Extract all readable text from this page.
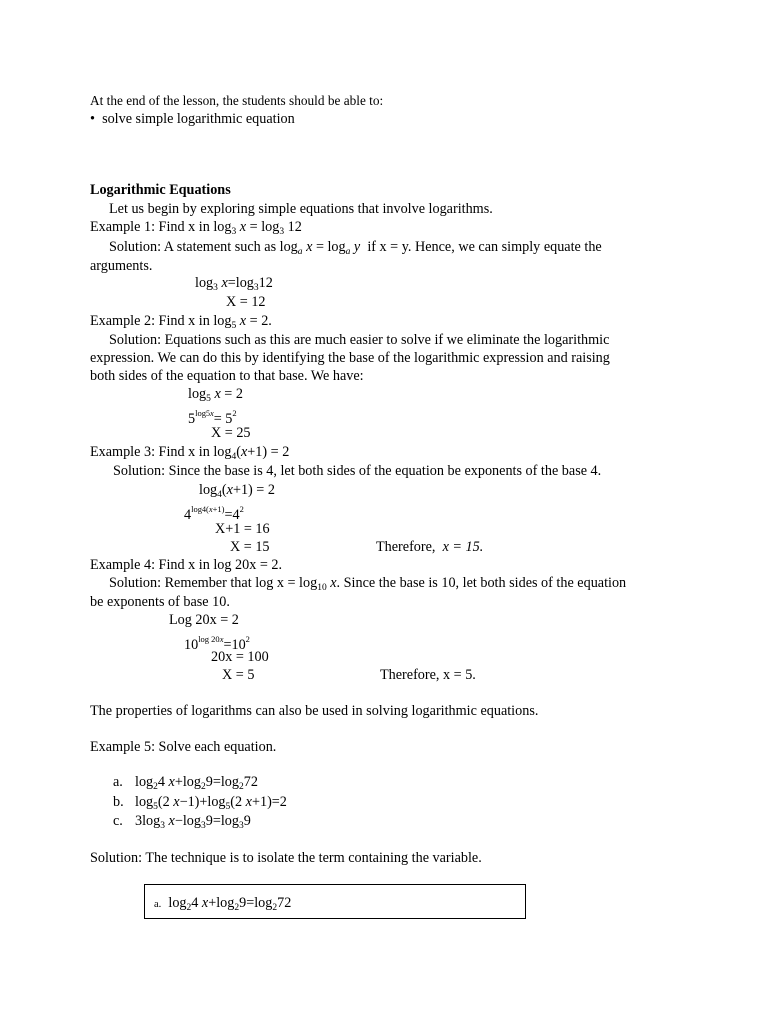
At the end of the lesson, the students should be able to:
• solve simple logarithmic equation
Logarithmic Equations
Let us begin by exploring simple equations that involve logarithms.
Example 1: Find x in $\log_3 x = \log_3 12$
Solution: A statement such as $\log_a x = \log_a y$ if x = y. Hence, we can simply equate the
arguments.
$\log_3 x=\log_312$
X = 12
Example 2: Find x in $\log_5 x = 2$.
Solution: Equations such as this are much easier to solve if we eliminate the logarithmic
expression. We can do this by identifying the base of the logarithmic expression and raising
both sides of the equation to that base. We have:
$\log_5 x = 2$
$5^{log5x}= 5^2$
X = 25
Example 3: Find x in $\log_4(x+1) = 2$
Solution: Since the base is 4, let both sides of the equation be exponents of the base 4.
$\log_4(x+1) = 2$
$4^{log4(x+1)}=4^2$
X+1 = 16
X = 15	Therefore, x = 15.
Example 4: Find x in log 20x = 2.
Solution: Remember that $\log x = \log_{10} x$. Since the base is 10, let both sides of the equation
be exponents of base 10.
Log 20x = 2
$10^{log 20x}=10^2$
20x = 100
X = 5	Therefore, x = 5.
The properties of logarithms can also be used in solving logarithmic equations.
Example 5: Solve each equation.
a. $\log_24$ $x+\log_29=\log_272$
b. $\log_5(2$ $x-1)+\log_5(2$ x+1)=2
c. $3\log_3$ $x-\log_39=\log_39$
Solution: The technique is to isolate the term containing the variable.
a.  $\log_24$ $x+\log_29=\log_272$
